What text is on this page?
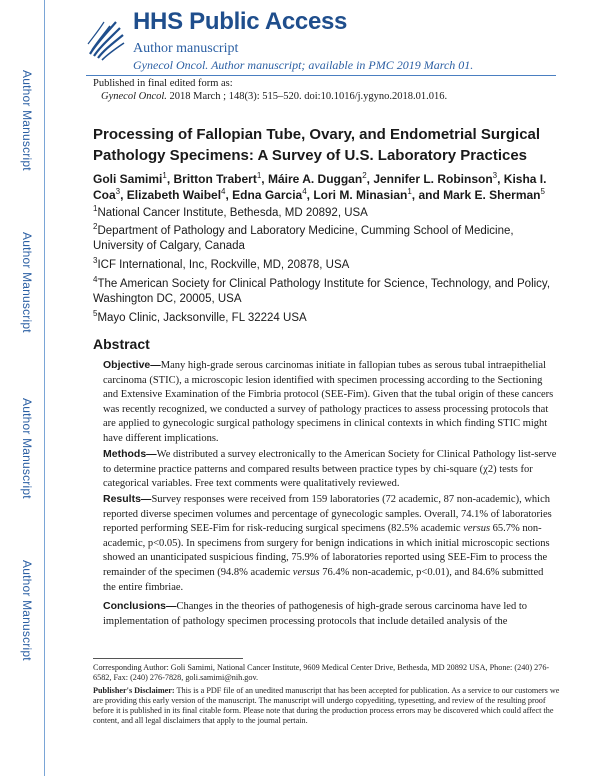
Author Manuscript
Author Manuscript
Author Manuscript
Author Manuscript
HHS Public Access
Author manuscript
Gynecol Oncol. Author manuscript; available in PMC 2019 March 01.
Published in final edited form as:
Gynecol Oncol. 2018 March ; 148(3): 515–520. doi:10.1016/j.ygyno.2018.01.016.
Processing of Fallopian Tube, Ovary, and Endometrial Surgical Pathology Specimens: A Survey of U.S. Laboratory Practices
Goli Samimi$^1$, Britton Trabert$^1$, Máire A. Duggan$^2$, Jennifer L. Robinson$^3$, Kisha I. Coa$^3$, Elizabeth Waibel$^4$, Edna Garcia$^4$, Lori M. Minasian$^1$, and Mark E. Sherman$^5$
$^1$National Cancer Institute, Bethesda, MD 20892, USA
$^2$Department of Pathology and Laboratory Medicine, Cumming School of Medicine, University of Calgary, Canada
$^3$ICF International, Inc, Rockville, MD, 20878, USA
$^4$The American Society for Clinical Pathology Institute for Science, Technology, and Policy, Washington DC, 20005, USA
$^5$Mayo Clinic, Jacksonville, FL 32224 USA
Abstract
Objective—Many high-grade serous carcinomas initiate in fallopian tubes as serous tubal intraepithelial carcinoma (STIC), a microscopic lesion identified with specimen processing according to the Sectioning and Extensive Examination of the Fimbria protocol (SEE-Fim). Given that the tubal origin of these cancers was recently recognized, we conducted a survey of pathology practices to assess processing protocols that are applied to gynecologic surgical pathology specimens in clinical contexts in which finding STIC might have different implications.
Methods—We distributed a survey electronically to the American Society for Clinical Pathology list-serve to determine practice patterns and compared results between practice types by chi-square (χ2) tests for categorical variables. Free text comments were qualitatively reviewed.
Results—Survey responses were received from 159 laboratories (72 academic, 87 non-academic), which reported diverse specimen volumes and percentage of gynecologic samples. Overall, 74.1% of laboratories reported performing SEE-Fim for risk-reducing surgical specimens (82.5% academic versus 65.7% non-academic, p<0.05). In specimens from surgery for benign indications in which initial microscopic sections showed an unanticipated suspicious finding, 75.9% of laboratories reported using SEE-Fim to process the remainder of the specimen (94.8% academic versus 76.4% non-academic, p<0.01), and 84.6% submitted the entire fimbriae.
Conclusions—Changes in the theories of pathogenesis of high-grade serous carcinoma have led to implementation of pathology specimen processing protocols that include detailed analysis of the

Corresponding Author: Goli Samimi, National Cancer Institute, 9609 Medical Center Drive, Bethesda, MD 20892 USA, Phone: (240) 276-6582, Fax: (240) 276-7828, goli.samimi@nih.gov.

Publisher's Disclaimer: This is a PDF file of an unedited manuscript that has been accepted for publication. As a service to our customers we are providing this early version of the manuscript. The manuscript will undergo copyediting, typesetting, and review of the resulting proof before it is published in its final citable form. Please note that during the production process errors may be discovered which could affect the content, and all legal disclaimers that apply to the journal pertain.
